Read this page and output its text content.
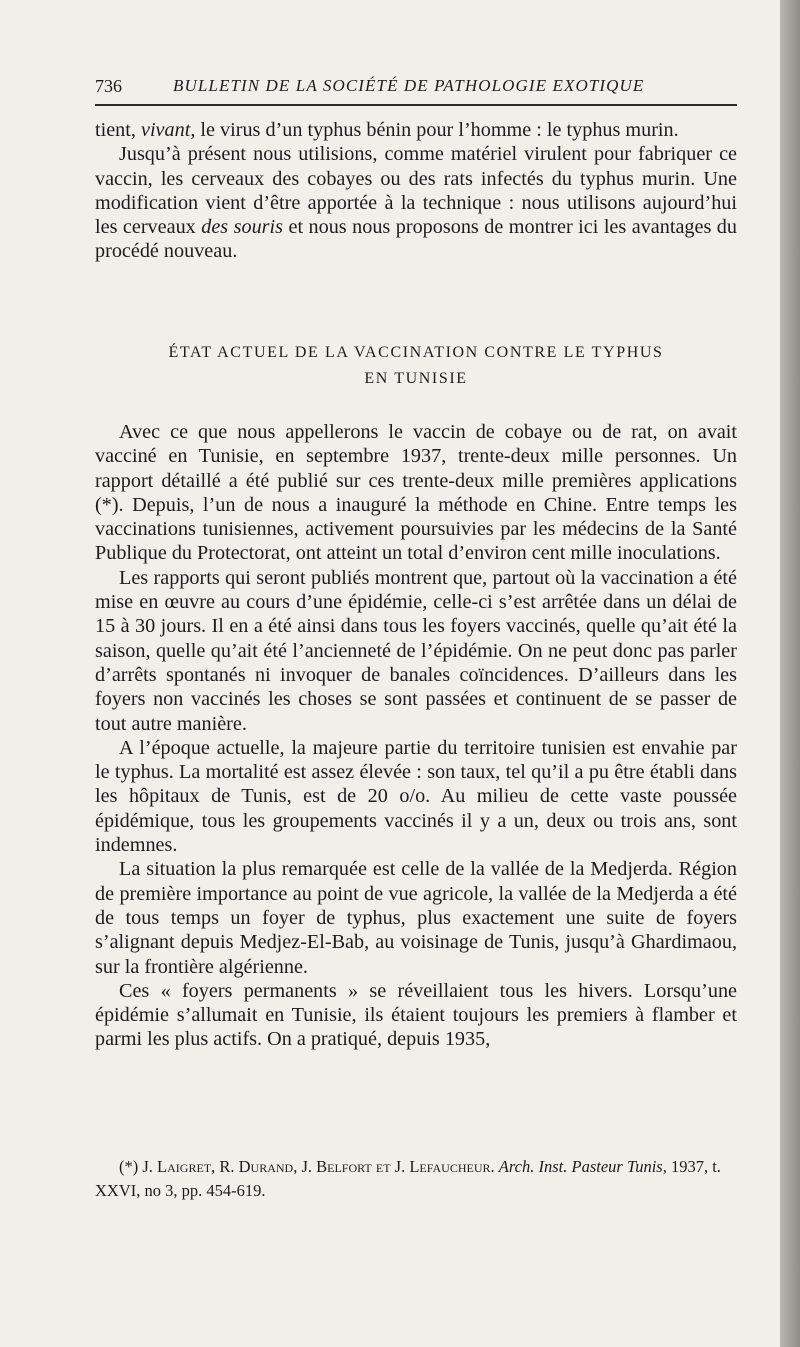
736	BULLETIN DE LA SOCIÉTÉ DE PATHOLOGIE EXOTIQUE

tient, vivant, le virus d’un typhus bénin pour l’homme : le typhus murin.

Jusqu’à présent nous utilisions, comme matériel virulent pour fabriquer ce vaccin, les cerveaux des cobayes ou des rats infectés du typhus murin. Une modification vient d’être apportée à la technique : nous utilisons aujourd’hui les cerveaux des souris et nous nous proposons de montrer ici les avantages du procédé nouveau.

ÉTAT ACTUEL DE LA VACCINATION CONTRE LE TYPHUS
EN TUNISIE

Avec ce que nous appellerons le vaccin de cobaye ou de rat, on avait vacciné en Tunisie, en septembre 1937, trente-deux mille personnes. Un rapport détaillé a été publié sur ces trente-deux mille premières applications (*). Depuis, l’un de nous a inauguré la méthode en Chine. Entre temps les vaccinations tunisiennes, activement poursuivies par les médecins de la Santé Publique du Protectorat, ont atteint un total d’environ cent mille inoculations.

Les rapports qui seront publiés montrent que, partout où la vaccination a été mise en œuvre au cours d’une épidémie, celle-ci s’est arrêtée dans un délai de 15 à 30 jours. Il en a été ainsi dans tous les foyers vaccinés, quelle qu’ait été la saison, quelle qu’ait été l’ancienneté de l’épidémie. On ne peut donc pas parler d’arrêts spontanés ni invoquer de banales coïncidences. D’ailleurs dans les foyers non vaccinés les choses se sont passées et continuent de se passer de tout autre manière.

A l’époque actuelle, la majeure partie du territoire tunisien est envahie par le typhus. La mortalité est assez élevée : son taux, tel qu’il a pu être établi dans les hôpitaux de Tunis, est de 20 o/o. Au milieu de cette vaste poussée épidémique, tous les groupements vaccinés il y a un, deux ou trois ans, sont indemnes.

La situation la plus remarquée est celle de la vallée de la Medjerda. Région de première importance au point de vue agricole, la vallée de la Medjerda a été de tous temps un foyer de typhus, plus exactement une suite de foyers s’alignant depuis Medjez-El-Bab, au voisinage de Tunis, jusqu’à Ghardimaou, sur la frontière algérienne.

Ces « foyers permanents » se réveillaient tous les hivers. Lorsqu’une épidémie s’allumait en Tunisie, ils étaient toujours les premiers à flamber et parmi les plus actifs. On a pratiqué, depuis 1935,

(*) J. Laigret, R. Durand, J. Belfort et J. Lefaucheur. Arch. Inst. Pasteur Tunis, 1937, t. XXVI, no 3, pp. 454-619.
